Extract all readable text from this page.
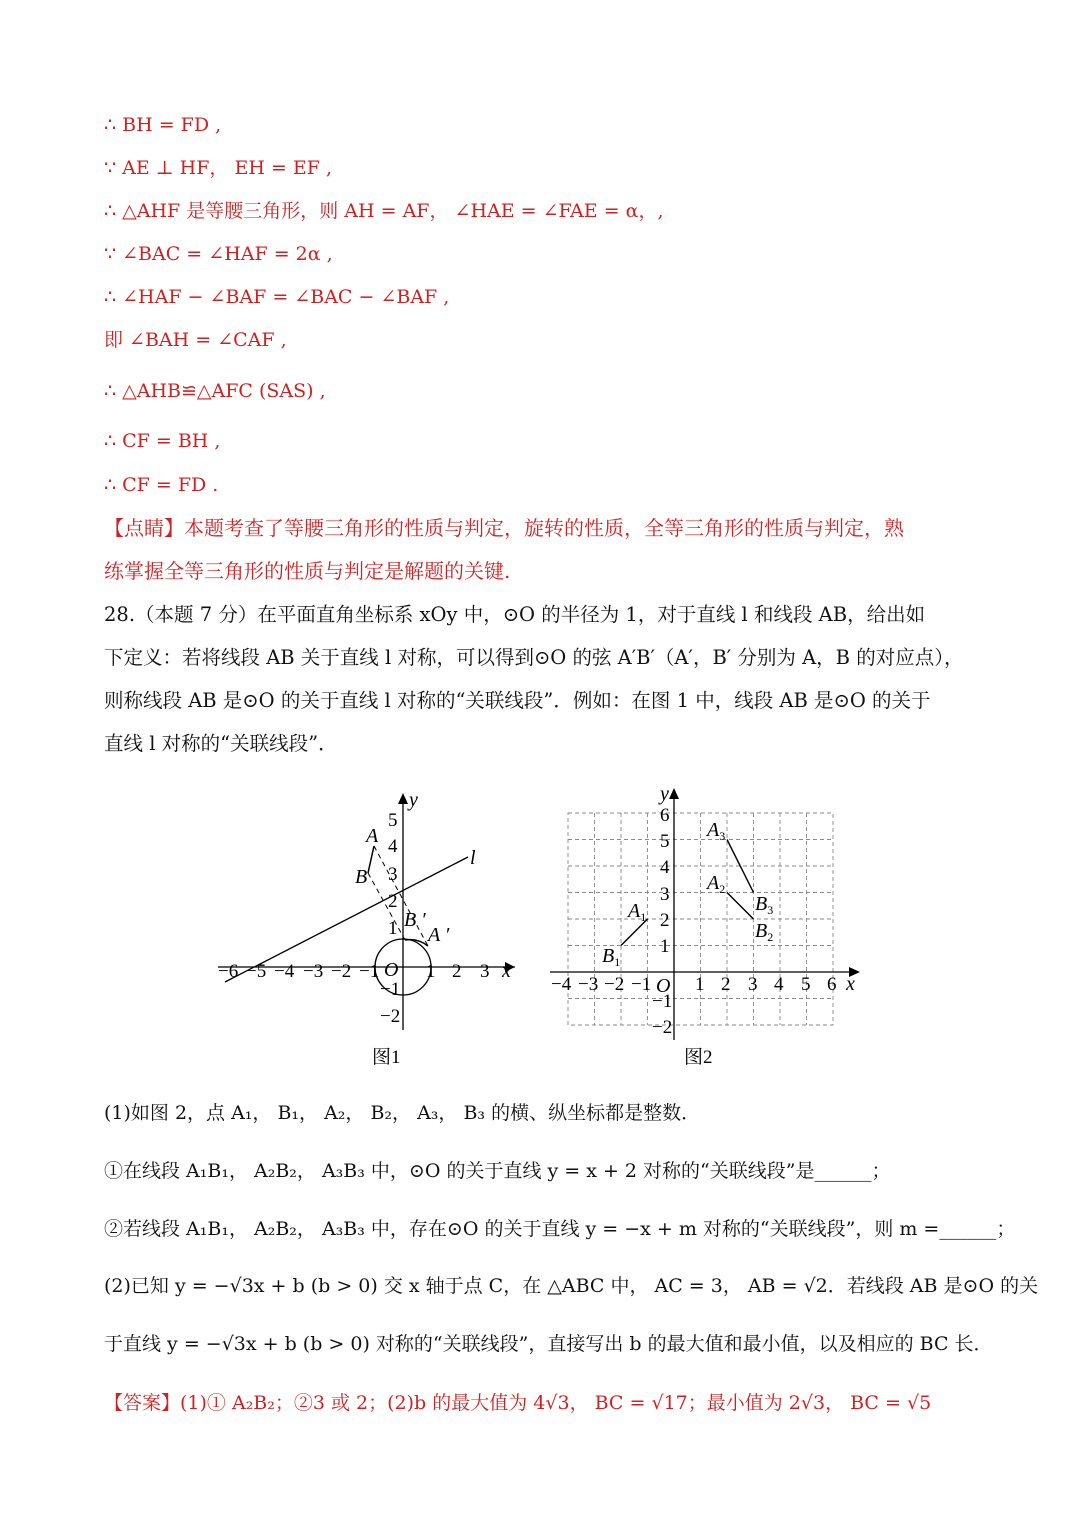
∴ BH = FD ,
∵ AE ⊥ HF， EH = EF ,
∴ △AHF 是等腰三角形，则 AH = AF， ∠HAE = ∠FAE = α，,
∵ ∠BAC = ∠HAF = 2α ,
∴ ∠HAF − ∠BAF = ∠BAC − ∠BAF ,
即 ∠BAH = ∠CAF ,
∴ △AHB≌△AFC (SAS) ,
∴ CF = BH ,
∴ CF = FD .
【点睛】本题考查了等腰三角形的性质与判定，旋转的性质，全等三角形的性质与判定，熟
练掌握全等三角形的性质与判定是解题的关键.
28.（本题 7 分）在平面直角坐标系 xOy 中，⊙O 的半径为 1，对于直线 l 和线段 AB，给出如
下定义：若将线段 AB 关于直线 l 对称，可以得到⊙O 的弦 A′B′（A′，B′ 分别为 A，B 的对应点），
则称线段 AB 是⊙O 的关于直线 l 对称的“关联线段”．例如：在图 1 中，线段 AB 是⊙O 的关于
直线 l 对称的“关联线段”．
−6 −5 −4 −3 −2 −1 1 2 3
5
4
3
2
1
−1
−2
x
y
O
l
A
B
B ′
A ′
图1
−4 −3 −2 −1 1 2 3 4 5 6
6
5
4
3
2
1
−1
−2
x
y
O
$A_1$
$B_1$
$A_2$
$B_2$
$A_3$
$B_3$
图2
(1)如图 2，点 A₁， B₁， A₂， B₂， A₃， B₃ 的横、纵坐标都是整数．
①在线段 A₁B₁， A₂B₂， A₃B₃ 中，⊙O 的关于直线 y = x + 2 对称的“关联线段”是______；
②若线段 A₁B₁， A₂B₂， A₃B₃ 中，存在⊙O 的关于直线 y = −x + m 对称的“关联线段”，则 m =______；
(2)已知 y = −√3x + b (b > 0) 交 x 轴于点 C，在 △ABC 中， AC = 3， AB = √2．若线段 AB 是⊙O 的关
于直线 y = −√3x + b (b > 0) 对称的“关联线段”，直接写出 b 的最大值和最小值，以及相应的 BC 长．
【答案】(1)① A₂B₂；②3 或 2；(2)b 的最大值为 4√3， BC = √17；最小值为 2√3， BC = √5
